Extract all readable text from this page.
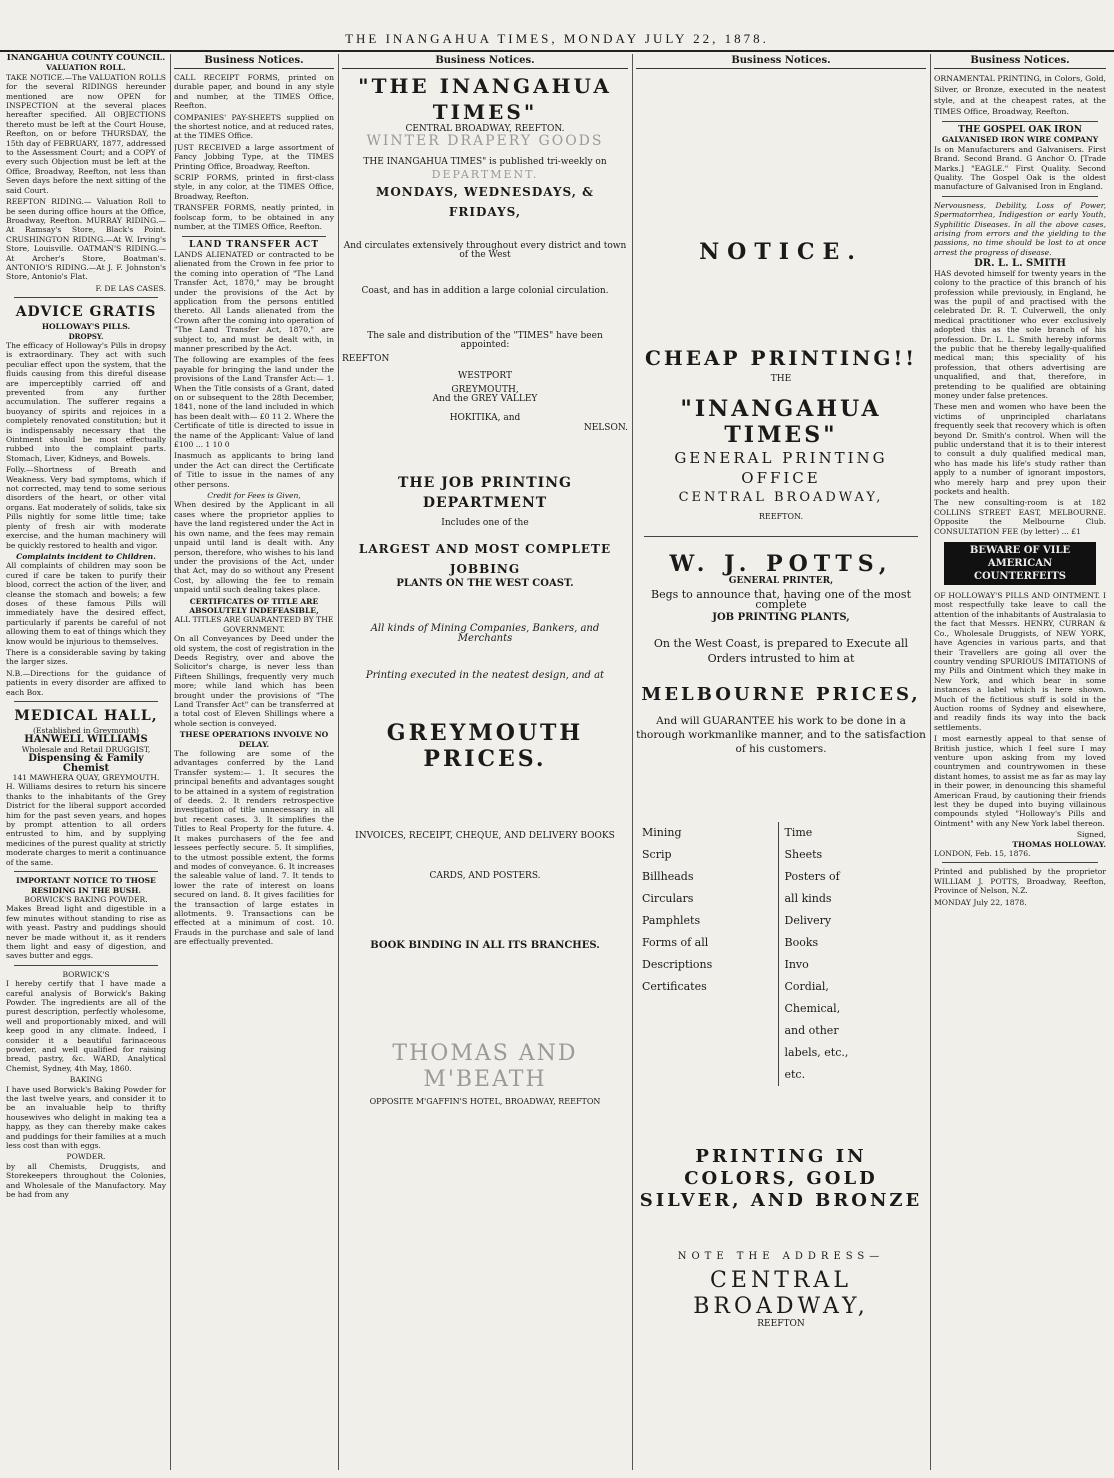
THE INANGAHUA TIMES, MONDAY JULY 22, 1878.
INANGAHUA COUNTY COUNCIL.
VALUATION ROLL.

TAKE NOTICE.—The VALUATION ROLLS for the several RIDINGS hereunder mentioned are now OPEN for INSPECTION at the several places hereafter specified. All OBJECTIONS thereto must be left at the Court House, Reefton, on or before THURSDAY, the 15th day of FEBRUARY, 1877, addressed to the Assessment Court; and a COPY of every such Objection must be left at the Office, Broadway, Reefton, not less than Seven days before the next sitting of the said Court.

REEFTON RIDING.— Valuation Roll to be seen during office hours at the Office, Broadway, Reefton. MURRAY RIDING.—At Ramsay's Store, Black's Point. CRUSHINGTON RIDING.—At W. Irving's Store, Louisville. OATMAN'S RIDING.—At Archer's Store, Boatman's. ANTONIO'S RIDING.—At J. F. Johnston's Store, Antonio's Flat.

F. DE LAS CASES.
ADVICE GRATIS
HOLLOWAY'S PILLS.
DROPSY.

The efficacy of Holloway's Pills in dropsy is extraordinary. They act with such peculiar effect upon the system, that the fluids causing from this direful disease are imperceptibly carried off and prevented from any further accumulation. The sufferer regains a buoyancy of spirits and rejoices in a completely renovated constitution; but it is indispensably necessary that the Ointment should be most effectually rubbed into the complaint parts. Stomach, Liver, Kidneys, and Bowels.

Folly.—Shortness of Breath and Weakness. Very bad symptoms, which if not corrected, may tend to some serious disorders of the heart, or other vital organs. Eat moderately of solids, take six Pills nightly for some little time; take plenty of fresh air with moderate exercise, and the human machinery will be quickly restored to health and vigor.

Complaints incident to Children.

All complaints of children may soon be cured if care be taken to purify their blood, correct the action of the liver, and cleanse the stomach and bowels; a few doses of these famous Pills will immediately have the desired effect, particularly if parents be careful of not allowing them to eat of things which they know would be injurious to themselves.

There is a considerable saving by taking the larger sizes.

N.B.—Directions for the guidance of patients in every disorder are affixed to each Box.

MEDICAL HALL,
(Established in Greymouth)
HANWELL WILLIAMS
Wholesale and Retail DRUGGIST,
Dispensing & Family Chemist
141 MAWHERA QUAY, GREYMOUTH.

H. Williams desires to return his sincere thanks to the inhabitants of the Grey District for the liberal support accorded him for the past seven years, and hopes by prompt attention to all orders entrusted to him, and by supplying medicines of the purest quality at strictly moderate charges to merit a continuance of the same.

IMPORTANT NOTICE TO THOSE RESIDING IN THE BUSH.
BORWICK'S BAKING POWDER.

Makes Bread light and digestible in a few minutes without standing to rise as with yeast. Pastry and puddings should never be made without it, as it renders them light and easy of digestion, and saves butter and eggs.

BORWICK'S

I hereby certify that I have made a careful analysis of Borwick's Baking Powder. The ingredients are all of the purest description, perfectly wholesome, well and proportionably mixed, and will keep good in any climate. Indeed, I consider it a beautiful farinaceous powder, and well qualified for raising bread, pastry, &c. WARD, Analytical Chemist, Sydney, 4th May, 1860.

BAKING

I have used Borwick's Baking Powder for the last twelve years, and consider it to be an invaluable help to thrifty housewives who delight in making tea a happy, as they can thereby make cakes and puddings for their families at a much less cost than with eggs.

POWDER.

by all Chemists, Druggists, and Storekeepers throughout the Colonies, and Wholesale of the Manufactory. May be had from any

Business Notices.

CALL RECEIPT FORMS, printed on durable paper, and bound in any style and number, at the TIMES Office, Reefton.

COMPANIES' PAY-SHEETS supplied on the shortest notice, and at reduced rates, at the TIMES Office.

JUST RECEIVED a large assortment of Fancy Jobbing Type, at the TIMES Printing Office, Broadway, Reefton.

SCRIP FORMS, printed in first-class style, in any color, at the TIMES Office, Broadway, Reefton.

TRANSFER FORMS, neatly printed, in foolscap form, to be obtained in any number, at the TIMES Office, Reefton.

LAND TRANSFER ACT

LANDS ALIENATED or contracted to be alienated from the Crown in fee prior to the coming into operation of "The Land Transfer Act, 1870," may be brought under the provisions of the Act by application from the persons entitled thereto. All Lands alienated from the Crown after the coming into operation of "The Land Transfer Act, 1870," are subject to, and must be dealt with, in manner prescribed by the Act.

The following are examples of the fees payable for bringing the land under the provisions of the Land Transfer Act:— 1. When the Title consists of a Grant, dated on or subsequent to the 28th December, 1841, none of the land included in which has been dealt with— £0 11 2. Where the Certificate of title is directed to issue in the name of the Applicant: Value of land £100 ... 1 10 0

Inasmuch as applicants to bring land under the Act can direct the Certificate of Title to issue in the names of any other persons.

Credit for Fees is Given,

When desired by the Applicant in all cases where the proprietor applies to have the land registered under the Act in his own name, and the fees may remain unpaid until land is dealt with. Any person, therefore, who wishes to his land under the provisions of the Act, under that Act, may do so without any Present Cost, by allowing the fee to remain unpaid until such dealing takes place.

CERTIFICATES OF TITLE ARE ABSOLUTELY INDEFEASIBLE,
ALL TITLES ARE GUARANTEED BY THE GOVERNMENT.

On all Conveyances by Deed under the old system, the cost of registration in the Deeds Registry, over and above the Solicitor's charge, is never less than Fifteen Shillings, frequently very much more; while land which has been brought under the provisions of "The Land Transfer Act" can be transferred at a total cost of Eleven Shillings where a whole section is conveyed.

THESE OPERATIONS INVOLVE NO DELAY.

The following are some of the advantages conferred by the Land Transfer system:— 1. It secures the principal benefits and advantages sought to be attained in a system of registration of deeds. 2. It renders retrospective investigation of title unnecessary in all but recent cases. 3. It simplifies the Titles to Real Property for the future. 4. It makes purchasers of the fee and lessees perfectly secure. 5. It simplifies, to the utmost possible extent, the forms and modes of conveyance. 6. It increases the saleable value of land. 7. It tends to lower the rate of interest on loans secured on land. 8. It gives facilities for the transaction of large estates in allotments. 9. Transactions can be effected at a minimum of cost. 10. Frauds in the purchase and sale of land are effectually prevented.

Business Notices.
"THE INANGAHUA TIMES"
CENTRAL BROADWAY, REEFTON.
WINTER DRAPERY GOODS
THE INANGAHUA TIMES" is published tri-weekly on
DEPARTMENT.
MONDAYS, WEDNESDAYS, & FRIDAYS,
And circulates extensively throughout every district and town of the West
Coast, and has in addition a large colonial circulation.
The sale and distribution of the "TIMES" have been appointed:
REEFTON
WESTPORT
GREYMOUTH,
And the GREY VALLEY
HOKITIKA, and
NELSON.
THE JOB PRINTING DEPARTMENT
Includes one of the
LARGEST AND MOST COMPLETE JOBBING
PLANTS ON THE WEST COAST.
All kinds of Mining Companies, Bankers, and Merchants
Printing executed in the neatest design, and at
GREYMOUTH PRICES.
INVOICES, RECEIPT, CHEQUE, AND DELIVERY BOOKS
CARDS, AND POSTERS.
BOOK BINDING IN ALL ITS BRANCHES.
THOMAS AND M'BEATH
OPPOSITE M'GAFFIN'S HOTEL, BROADWAY, REEFTON
Business Notices.
NOTICE.
CHEAP PRINTING!!
THE
"INANGAHUA TIMES"
GENERAL PRINTING OFFICE
CENTRAL BROADWAY,
REEFTON.
W. J. POTTS,
GENERAL PRINTER,
Begs to announce that, having one of the most complete
JOB PRINTING PLANTS,
On the West Coast, is prepared to Execute all Orders intrusted to him at
MELBOURNE PRICES,
And will GUARANTEE his work to be done in a thorough workmanlike manner, and to the satisfaction of his customers.
Mining Scrip
Billheads
Circulars
Pamphlets
Forms of all Descriptions
Certificates
Time Sheets
Posters of all kinds
Delivery Books
Invo
Cordial, Chemical, and other
labels, etc., etc.
PRINTING IN COLORS, GOLD SILVER, AND BRONZE
NOTE THE ADDRESS—
CENTRAL BROADWAY,
REEFTON
Business Notices.

ORNAMENTAL PRINTING, in Colors, Gold, Silver, or Bronze, executed in the neatest style, and at the cheapest rates, at the TIMES Office, Broadway, Reefton.

THE GOSPEL OAK IRON
GALVANISED IRON WIRE COMPANY

Is on Manufacturers and Galvanisers. First Brand. Second Brand. G Anchor O. [Trade Marks.] "EAGLE." First Quality. Second Quality. The Gospel Oak is the oldest manufacture of Galvanised Iron in England.

Nervousness, Debility, Loss of Power, Spermatorrhea, Indigestion or early Youth, Syphilitic Diseases. In all the above cases, arising from errors and the yielding to the passions, no time should be lost to at once arrest the progress of disease.

DR. L. L. SMITH

HAS devoted himself for twenty years in the colony to the practice of this branch of his profession while previously, in England, he was the pupil of and practised with the celebrated Dr. R. T. Culverwell, the only medical practitioner who ever exclusively adopted this as the sole branch of his profession. Dr. L. L. Smith hereby informs the public that he thereby legally-qualified medical man; this speciality of his profession, that others advertising are unqualified, and that, therefore, in pretending to be qualified are obtaining money under false pretences.

These men and women who have been the victims of unprincipled charlatans frequently seek that recovery which is often beyond Dr. Smith's control. When will the public understand that it is to their interest to consult a duly qualified medical man, who has made his life's study rather than apply to a number of ignorant impostors, who merely harp and prey upon their pockets and health.

The new consulting-room is at 182 COLLINS STREET EAST, MELBOURNE. Opposite the Melbourne Club. CONSULTATION FEE (by letter) ... £1

BEWARE OF VILE AMERICAN COUNTERFEITS

OF HOLLOWAY'S PILLS AND OINTMENT. I most respectfully take leave to call the attention of the inhabitants of Australasia to the fact that Messrs. HENRY, CURRAN & Co., Wholesale Druggists, of NEW YORK, have Agencies in various parts, and that their Travellers are going all over the country vending SPURIOUS IMITATIONS of my Pills and Ointment which they make in New York, and which bear in some instances a label which is here shown. Much of the fictitious stuff is sold in the Auction rooms of Sydney and elsewhere, and readily finds its way into the back settlements.

I most earnestly appeal to that sense of British justice, which I feel sure I may venture upon asking from my loved countrymen and countrywomen in these distant homes, to assist me as far as may lay in their power, in denouncing this shameful American Fraud, by cautioning their friends lest they be duped into buying villainous compounds styled "Holloway's Pills and Ointment" with any New York label thereon.

Signed,
THOMAS HOLLOWAY.
LONDON, Feb. 15, 1876.

Printed and published by the proprietor WILLIAM J. POTTS, Broadway, Reefton, Province of Nelson, N.Z.

MONDAY July 22, 1878.
